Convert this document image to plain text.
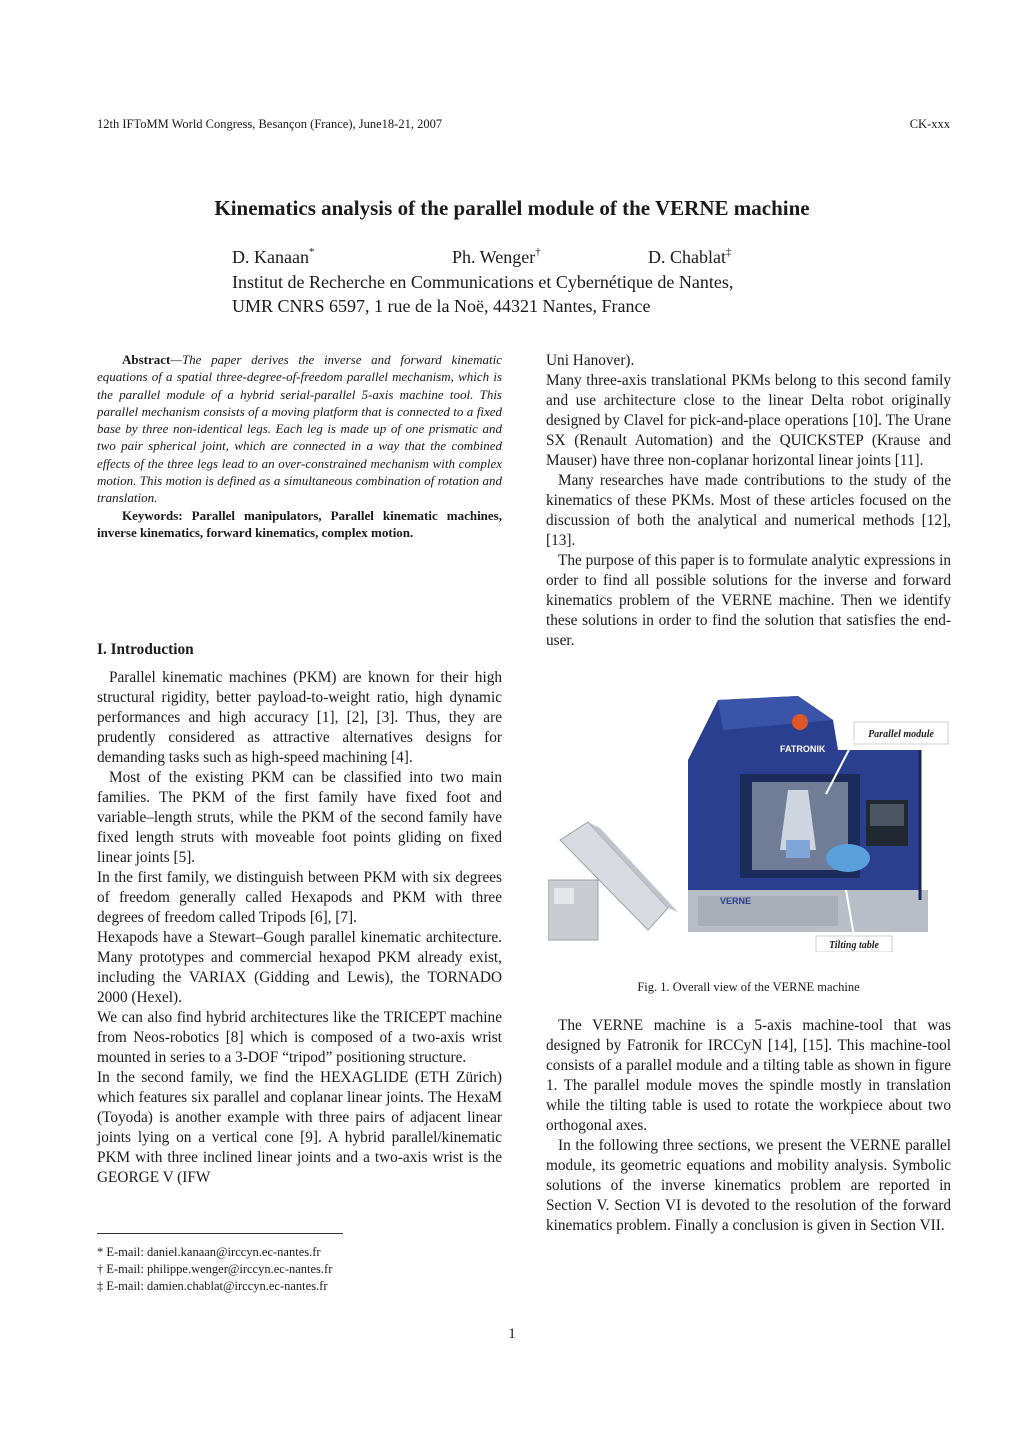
12th IFToMM World Congress, Besançon (France), June18-21, 2007	CK-xxx
Kinematics analysis of the parallel module of the VERNE machine
D. Kanaan*	Ph. Wenger†	D. Chablat‡
Institut de Recherche en Communications et Cybernétique de Nantes,
UMR CNRS 6597, 1 rue de la Noë, 44321 Nantes, France

Abstract—The paper derives the inverse and forward kinematic equations of a spatial three-degree-of-freedom parallel mechanism, which is the parallel module of a hybrid serial-parallel 5-axis machine tool. This parallel mechanism consists of a moving platform that is connected to a fixed base by three non-identical legs. Each leg is made up of one prismatic and two pair spherical joint, which are connected in a way that the combined effects of the three legs lead to an over-constrained mechanism with complex motion. This motion is defined as a simultaneous combination of rotation and translation.

Keywords: Parallel manipulators, Parallel kinematic machines, inverse kinematics, forward kinematics, complex motion.

I. Introduction

Parallel kinematic machines (PKM) are known for their high structural rigidity, better payload-to-weight ratio, high dynamic performances and high accuracy [1], [2], [3]. Thus, they are prudently considered as attractive alternatives designs for demanding tasks such as high-speed machining [4].

Most of the existing PKM can be classified into two main families. The PKM of the first family have fixed foot and variable–length struts, while the PKM of the second family have fixed length struts with moveable foot points gliding on fixed linear joints [5].

In the first family, we distinguish between PKM with six degrees of freedom generally called Hexapods and PKM with three degrees of freedom called Tripods [6], [7].

Hexapods have a Stewart–Gough parallel kinematic architecture. Many prototypes and commercial hexapod PKM already exist, including the VARIAX (Gidding and Lewis), the TORNADO 2000 (Hexel).

We can also find hybrid architectures like the TRICEPT machine from Neos-robotics [8] which is composed of a two-axis wrist mounted in series to a 3-DOF “tripod” positioning structure.

In the second family, we find the HEXAGLIDE (ETH Zürich) which features six parallel and coplanar linear joints. The HexaM (Toyoda) is another example with three pairs of adjacent linear joints lying on a vertical cone [9]. A hybrid parallel/kinematic PKM with three inclined linear joints and a two-axis wrist is the GEORGE V (IFW

Uni Hanover).

Many three-axis translational PKMs belong to this second family and use architecture close to the linear Delta robot originally designed by Clavel for pick-and-place operations [10]. The Urane SX (Renault Automation) and the QUICKSTEP (Krause and Mauser) have three non-coplanar horizontal linear joints [11].

Many researches have made contributions to the study of the kinematics of these PKMs. Most of these articles focused on the discussion of both the analytical and numerical methods [12], [13].

The purpose of this paper is to formulate analytic expressions in order to find all possible solutions for the inverse and forward kinematics problem of the VERNE machine. Then we identify these solutions in order to find the solution that satisfies the end-user.

FATRONIK
VERNE
Parallel module
Tilting table
Fig. 1. Overall view of the VERNE machine

The VERNE machine is a 5-axis machine-tool that was designed by Fatronik for IRCCyN [14], [15]. This machine-tool consists of a parallel module and a tilting table as shown in figure 1. The parallel module moves the spindle mostly in translation while the tilting table is used to rotate the workpiece about two orthogonal axes.

In the following three sections, we present the VERNE parallel module, its geometric equations and mobility analysis. Symbolic solutions of the inverse kinematics problem are reported in Section V. Section VI is devoted to the resolution of the forward kinematics problem. Finally a conclusion is given in Section VII.

* E-mail: daniel.kanaan@irccyn.ec-nantes.fr
† E-mail: philippe.wenger@irccyn.ec-nantes.fr
‡ E-mail: damien.chablat@irccyn.ec-nantes.fr
1
